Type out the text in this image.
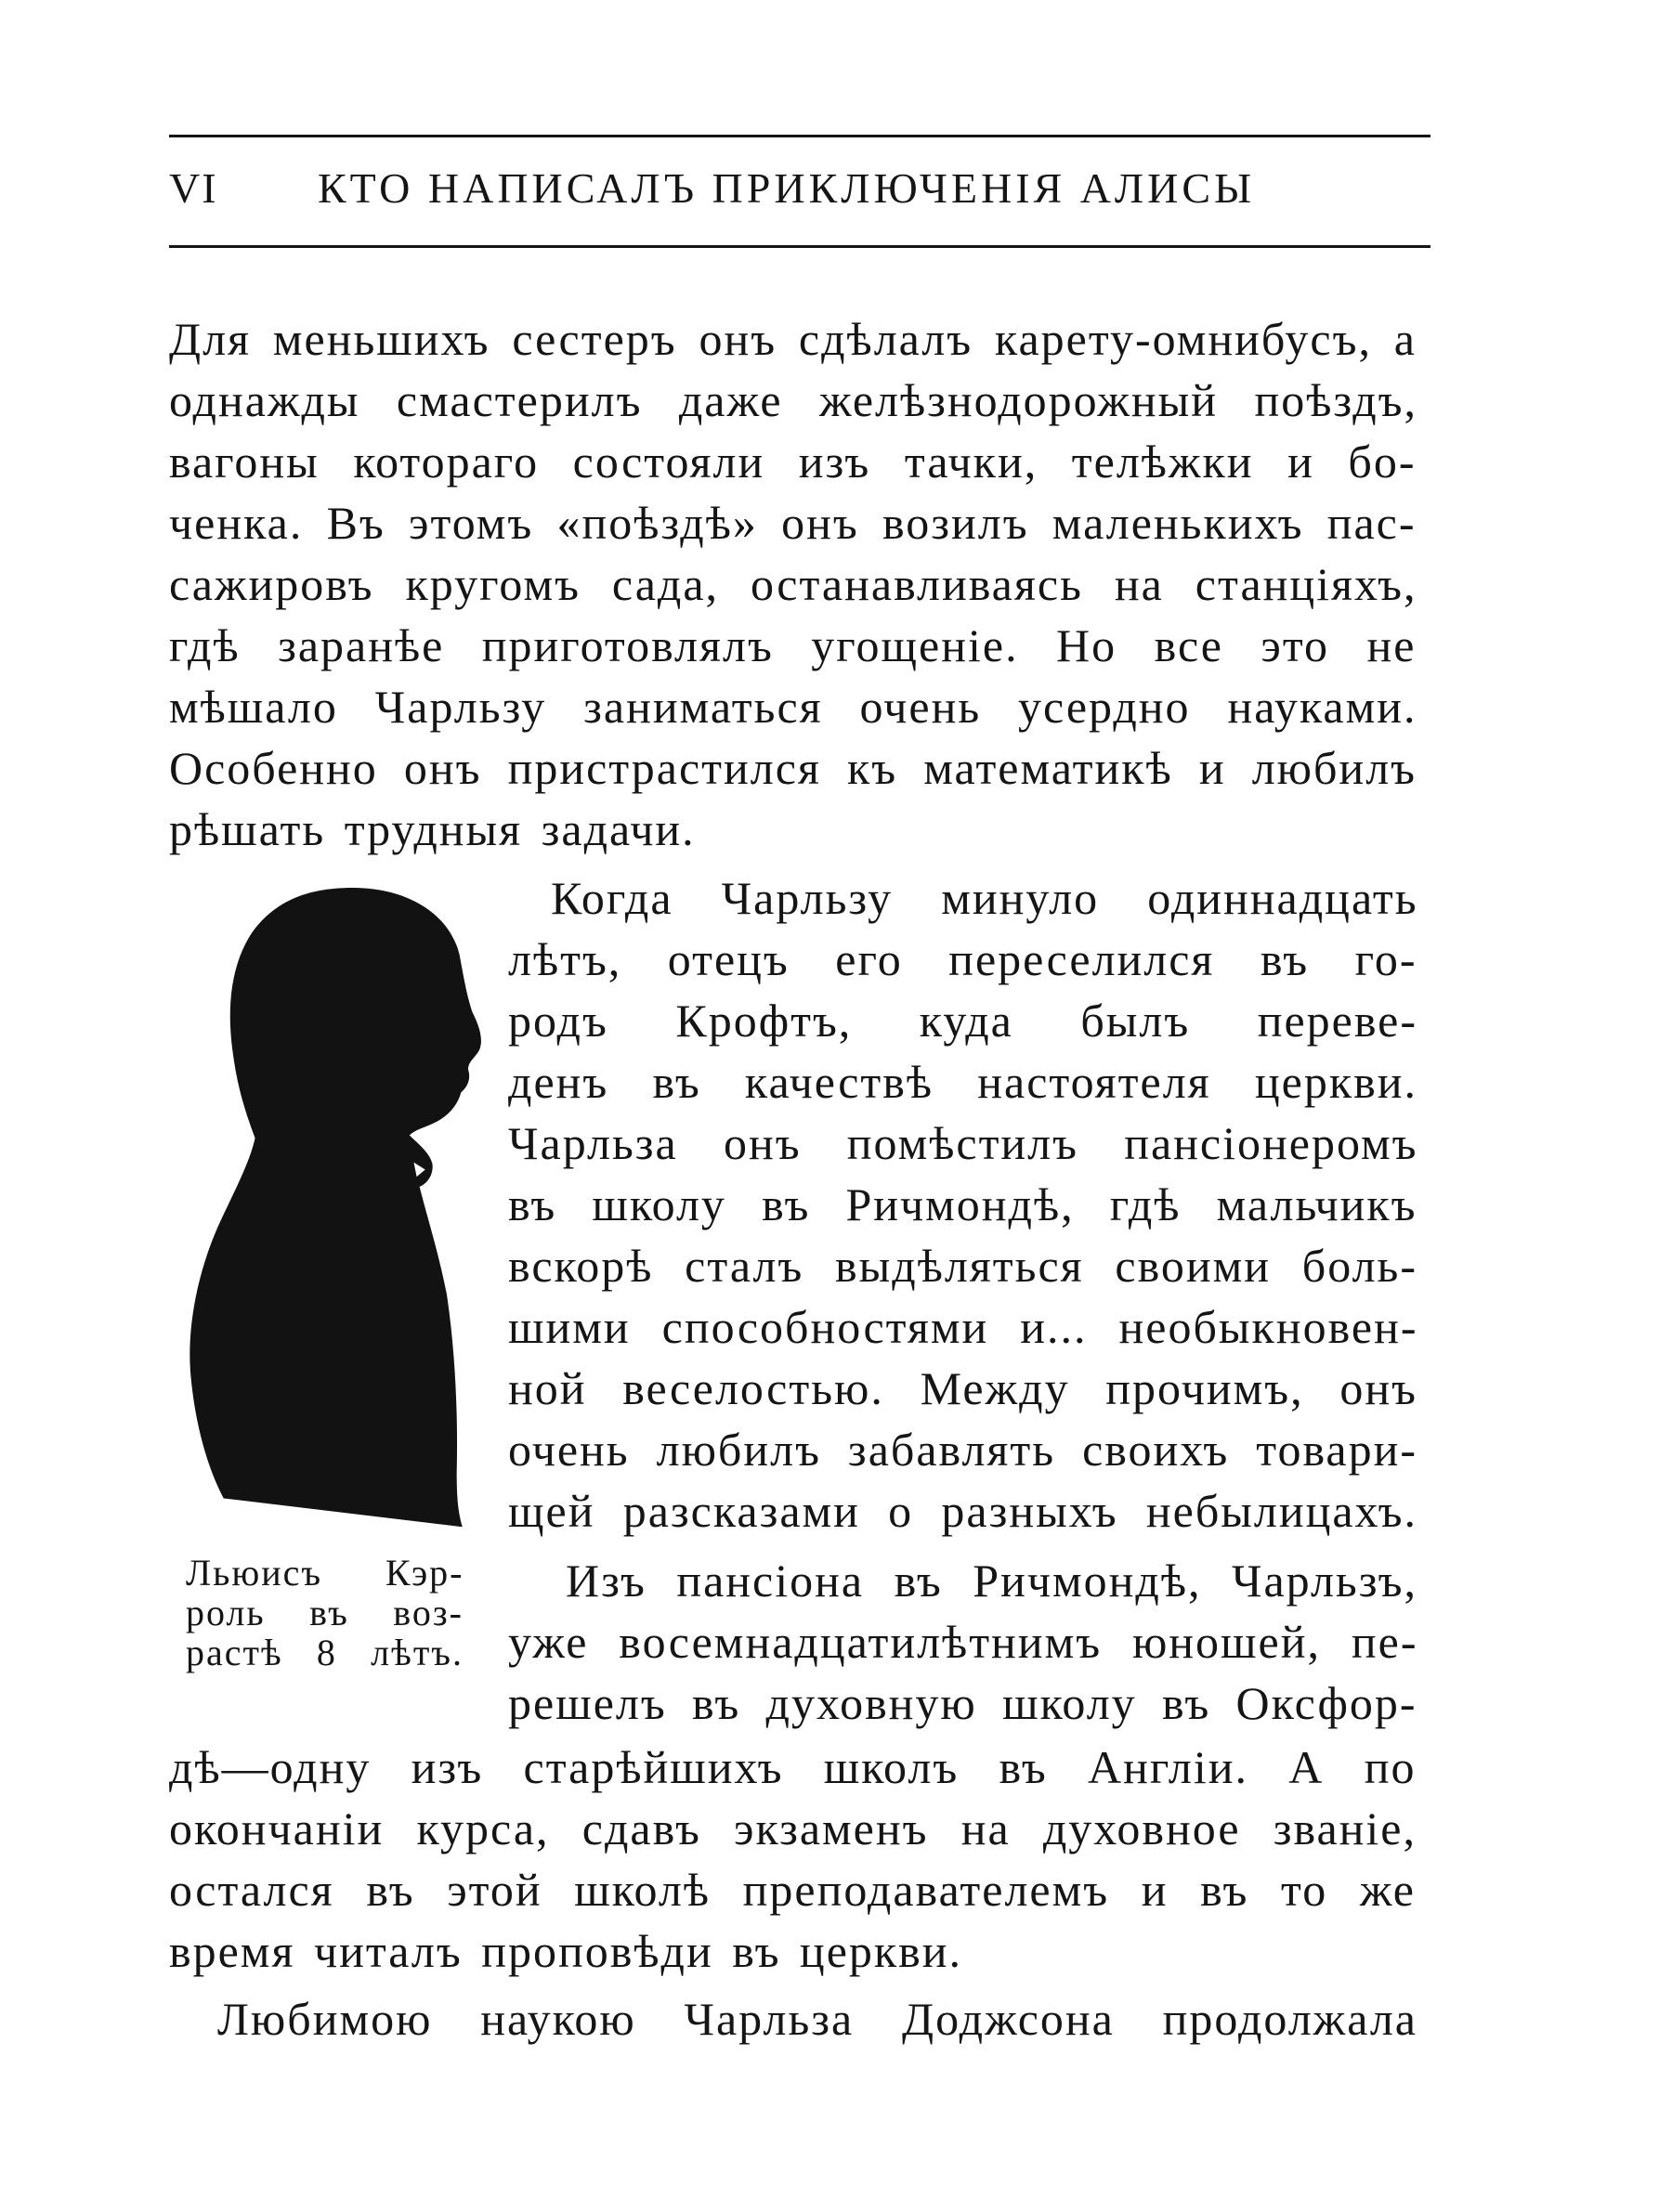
VI КТО НАПИСАЛЪ ПРИКЛЮЧЕНІЯ АЛИСЫ
Для меньшихъ сестеръ онъ сдѣлалъ карету-омнибусъ, а
однажды смастерилъ даже желѣзнодорожный поѣздъ,
вагоны котораго состояли изъ тачки, телѣжки и бо-
ченка. Въ этомъ «поѣздѣ» онъ возилъ маленькихъ пас-
сажировъ кругомъ сада, останавливаясь на станціяхъ,
гдѣ заранѣе приготовлялъ угощеніе. Но все это не
мѣшало Чарльзу заниматься очень усердно науками.
Особенно онъ пристрастился къ математикѣ и любилъ
рѣшать трудныя задачи.
Льюисъ Кэр-
роль въ воз-
растѣ 8 лѣтъ.
Когда Чарльзу минуло одиннадцать
лѣтъ, отецъ его переселился въ го-
родъ Крофтъ, куда былъ переве-
денъ въ качествѣ настоятеля церкви.
Чарльза онъ помѣстилъ пансіонеромъ
въ школу въ Ричмондѣ, гдѣ мальчикъ
вскорѣ сталъ выдѣляться своими боль-
шими способностями и... необыкновен-
ной веселостью. Между прочимъ, онъ
очень любилъ забавлять своихъ товари-
щей разсказами о разныхъ небылицахъ.
Изъ пансіона въ Ричмондѣ, Чарльзъ,
уже восемнадцатилѣтнимъ юношей, пе-
решелъ въ духовную школу въ Оксфор-
дѣ—одну изъ старѣйшихъ школъ въ Англіи. А по
окончаніи курса, сдавъ экзаменъ на духовное званіе,
остался въ этой школѣ преподавателемъ и въ то же
время читалъ проповѣди въ церкви.
Любимою наукою Чарльза Доджсона продолжала
